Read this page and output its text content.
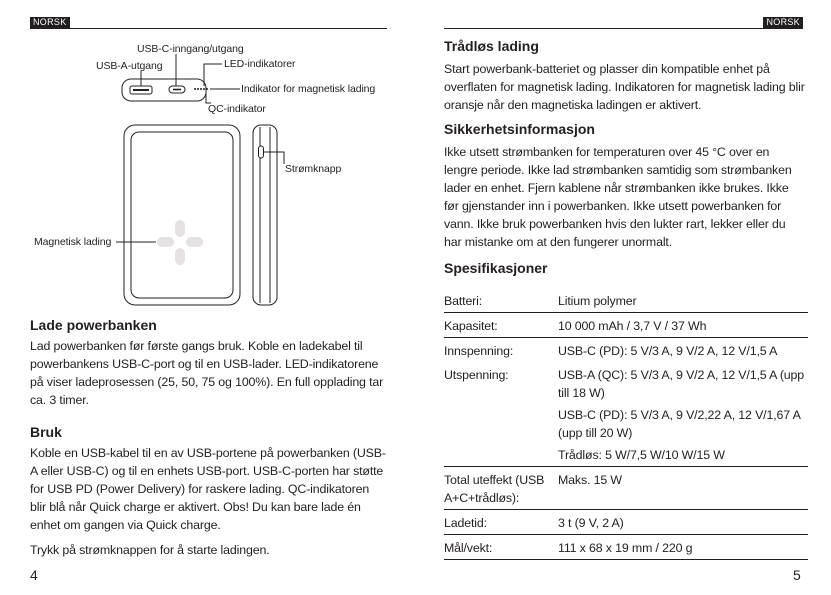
NORSK	NORSK
USB-C-inngang/utgang
USB-A-utgang	LED-indikatorer
Indikator for magnetisk lading
QC-indikator
Strømknapp
Magnetisk lading
Lade powerbanken

Lad powerbanken før første gangs bruk. Koble en ladekabel til powerbankens USB-C-port og til en USB-lader. LED-indikatorene på viser ladeprosessen (25, 50, 75 og 100%). En full opplading tar ca. 3 timer.

Bruk

Koble en USB-kabel til en av USB-portene på powerbanken (USB-A eller USB-C) og til en enhets USB-port. USB-C-porten har støtte for USB PD (Power Delivery) for raskere lading. QC-indikatoren blir blå når Quick charge er aktivert. Obs! Du kan bare lade én enhet om gangen via Quick charge.

Trykk på strømknappen for å starte ladingen.

4
Trådløs lading

Start powerbank-batteriet og plasser din kompatible enhet på overflaten for magnetisk lading. Indikatoren for magnetisk lading blir oransje når den magnetiska ladingen er aktivert.

Sikkerhetsinformasjon

Ikke utsett strømbanken for temperaturen over 45 °C over en lengre periode. Ikke lad strømbanken samtidig som strømbanken lader en enhet. Fjern kablene når strømbanken ikke brukes. Ikke før gjenstander inn i powerbanken. Ikke utsett powerbanken for vann. Ikke bruk powerbanken hvis den lukter rart, lekker eller du har mistanke om at den fungerer unormalt.

Spesifikasjoner
Batteri:	Litium polymer
Kapasitet:	10 000 mAh / 3,7 V / 37 Wh
Innspenning:	USB-C (PD): 5 V/3 A, 9 V/2 A, 12 V/1,5 A
Utspenning:	USB-A (QC): 5 V/3 A, 9 V/2 A, 12 V/1,5 A (upp till 18 W)
USB-C (PD): 5 V/3 A, 9 V/2,22 A, 12 V/1,67 A (upp till 20 W)
Trådløs: 5 W/7,5 W/10 W/15 W

Total uteffekt (USB A+C+trådløs):	Maks. 15 W
Ladetid:	3 t (9 V, 2 A)
Mål/vekt:	111 x 68 x 19 mm / 220 g
5
